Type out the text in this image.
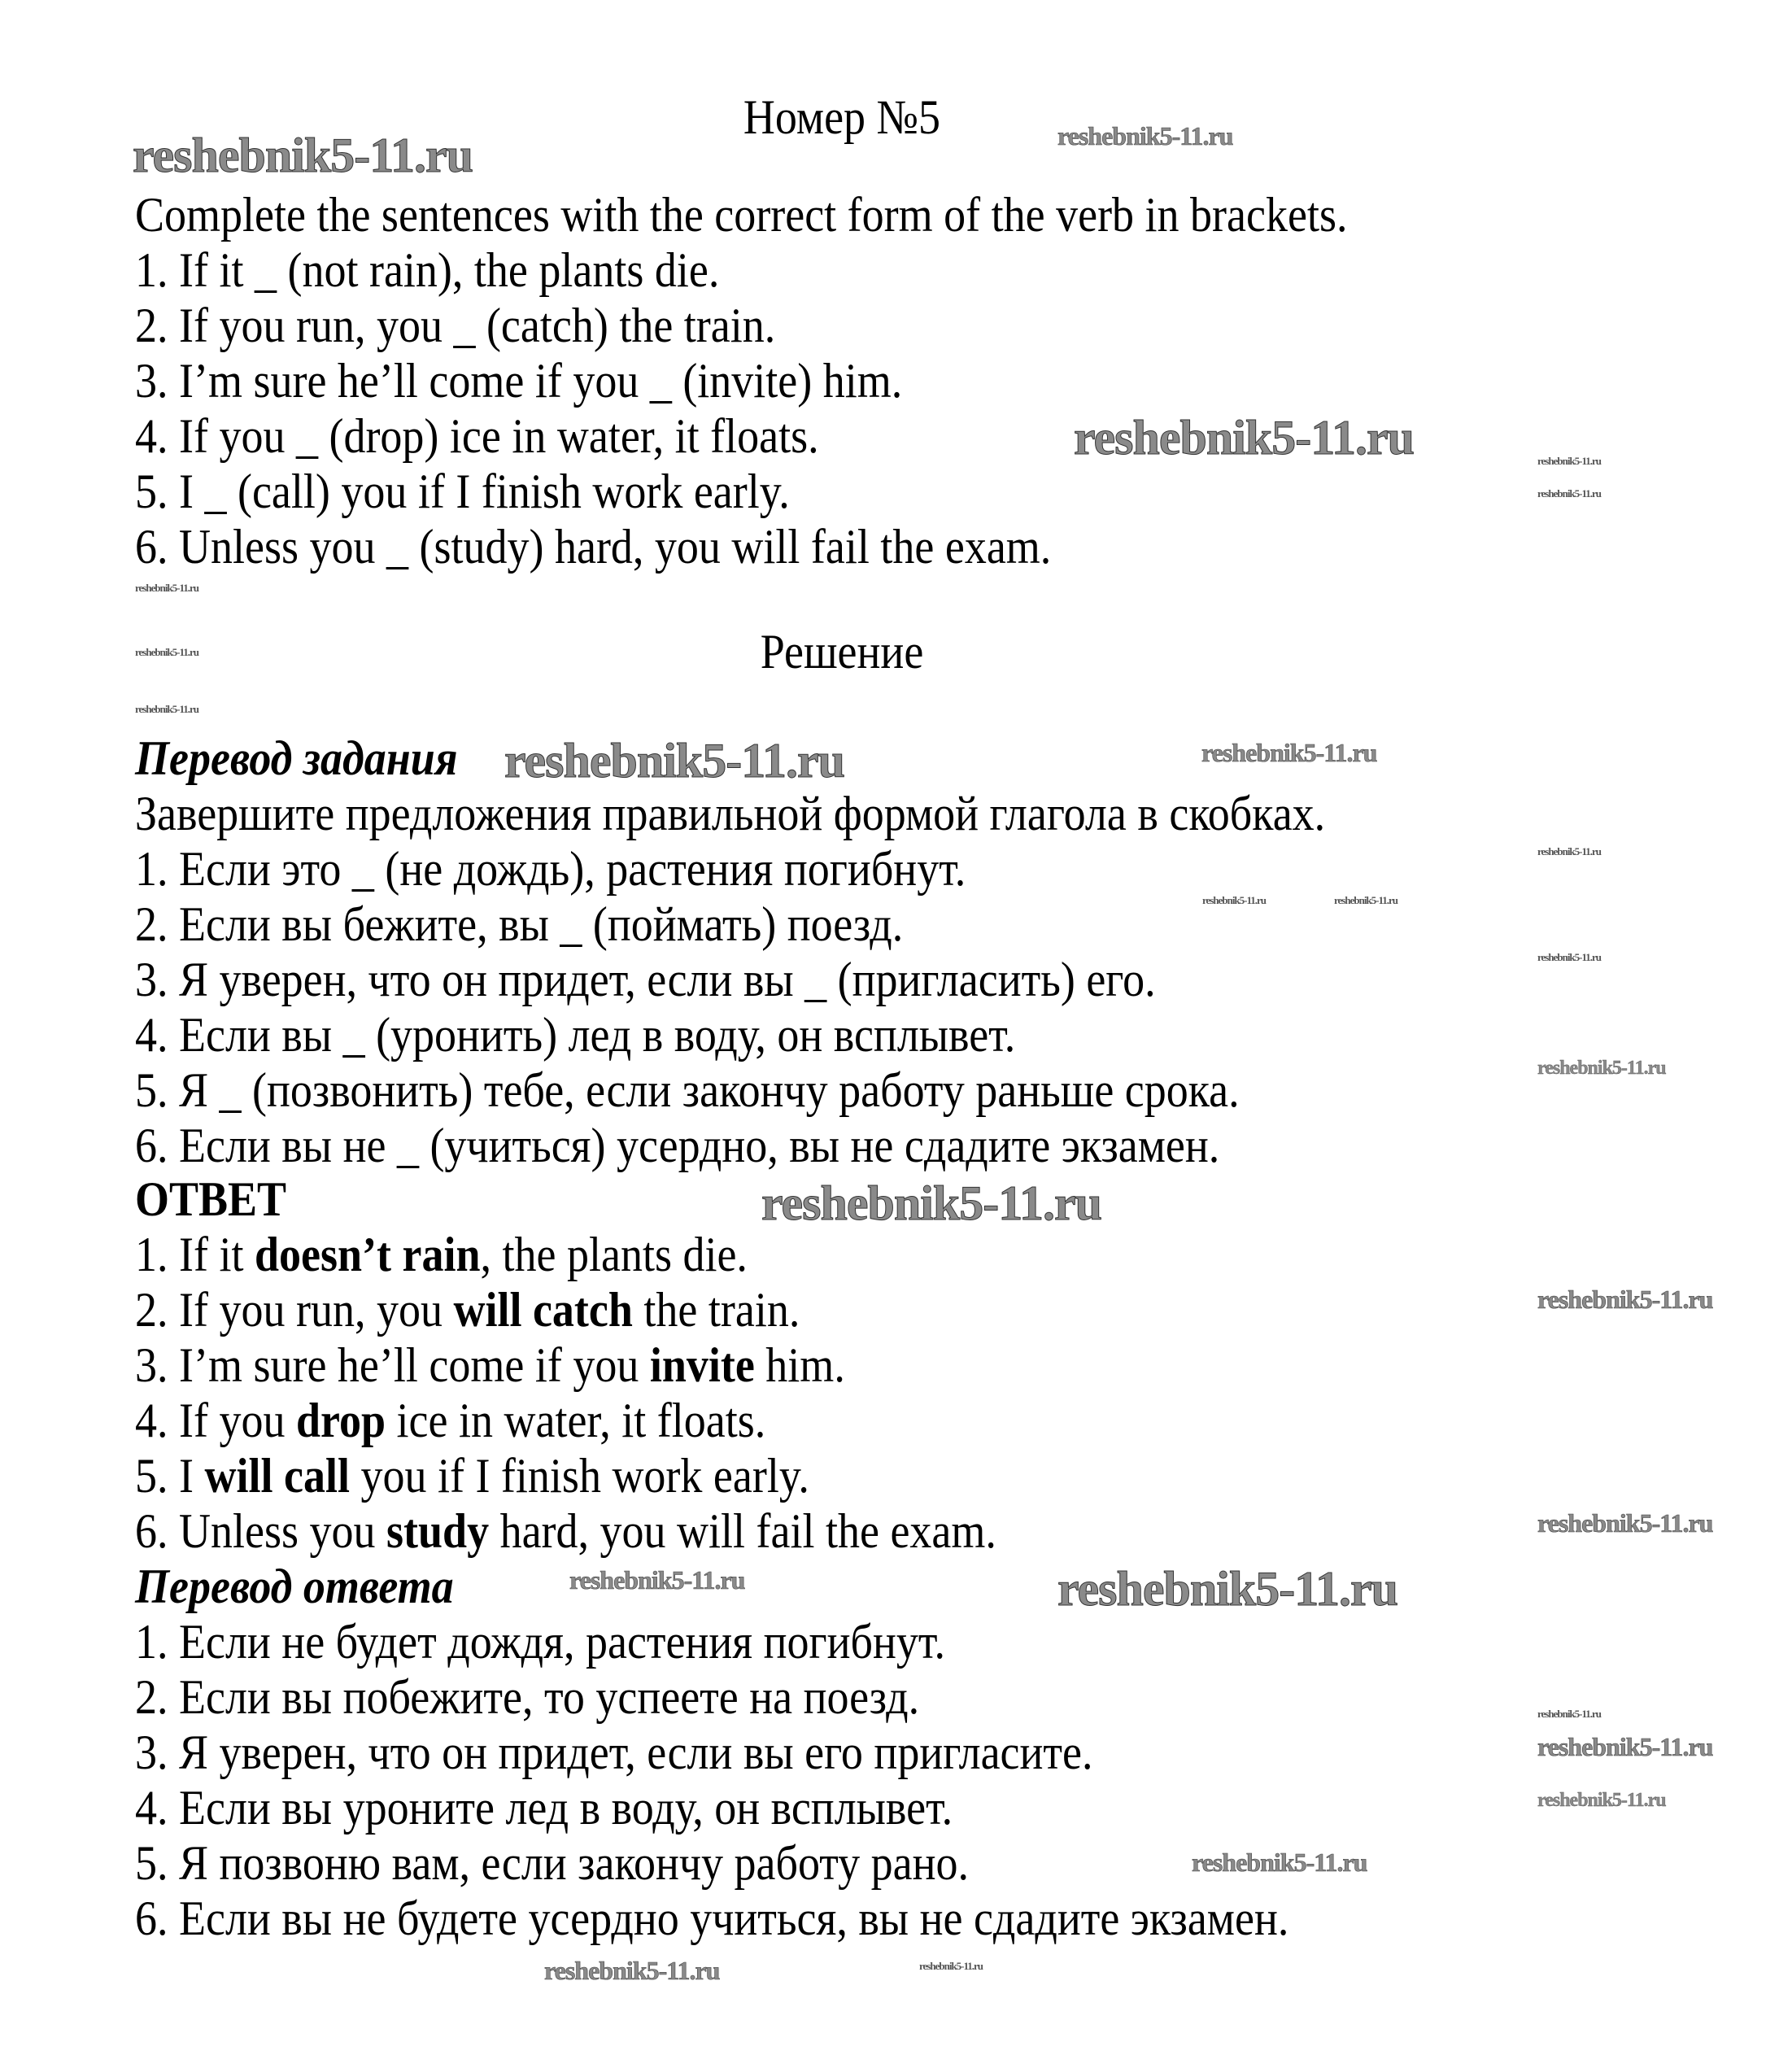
Номер №5
Complete the sentences with the correct form of the verb in brackets.
1. If it _ (not rain), the plants die.
2. If you run, you _ (catch) the train.
3. I’m sure he’ll come if you _ (invite) him.
4. If you _ (drop) ice in water, it floats.
5. I _ (call) you if I finish work early.
6. Unless you _ (study) hard, you will fail the exam.
Решение
Перевод задания
Завершите предложения правильной формой глагола в скобках.
1. Если это _ (не дождь), растения погибнут.
2. Если вы бежите, вы _ (поймать) поезд.
3. Я уверен, что он придет, если вы _ (пригласить) его.
4. Если вы _ (уронить) лед в воду, он всплывет.
5. Я _ (позвонить) тебе, если закончу работу раньше срока.
6. Если вы не _ (учиться) усердно, вы не сдадите экзамен.
ОТВЕТ
1. If it doesn’t rain, the plants die.
2. If you run, you will catch the train.
3. I’m sure he’ll come if you invite him.
4. If you drop ice in water, it floats.
5. I will call you if I finish work early.
6. Unless you study hard, you will fail the exam.
Перевод ответа
1. Если не будет дождя, растения погибнут.
2. Если вы побежите, то успеете на поезд.
3. Я уверен, что он придет, если вы его пригласите.
4. Если вы уроните лед в воду, он всплывет.
5. Я позвоню вам, если закончу работу рано.
6. Если вы не будете усердно учиться, вы не сдадите экзамен.
reshebnik5-11.ru	reshebnik5-11.ru
reshebnik5-11.ru	reshebnik5-11.ru
reshebnik5-11.ru
reshebnik5-11.ru
reshebnik5-11.ru
reshebnik5-11.ru
reshebnik5-11.ru	reshebnik5-11.ru
reshebnik5-11.ru
reshebnik5-11.ru	reshebnik5-11.ru
reshebnik5-11.ru
reshebnik5-11.ru
reshebnik5-11.ru
reshebnik5-11.ru
reshebnik5-11.ru
reshebnik5-11.ru	reshebnik5-11.ru
reshebnik5-11.ru
reshebnik5-11.ru
reshebnik5-11.ru
reshebnik5-11.ru
reshebnik5-11.ru	reshebnik5-11.ru
